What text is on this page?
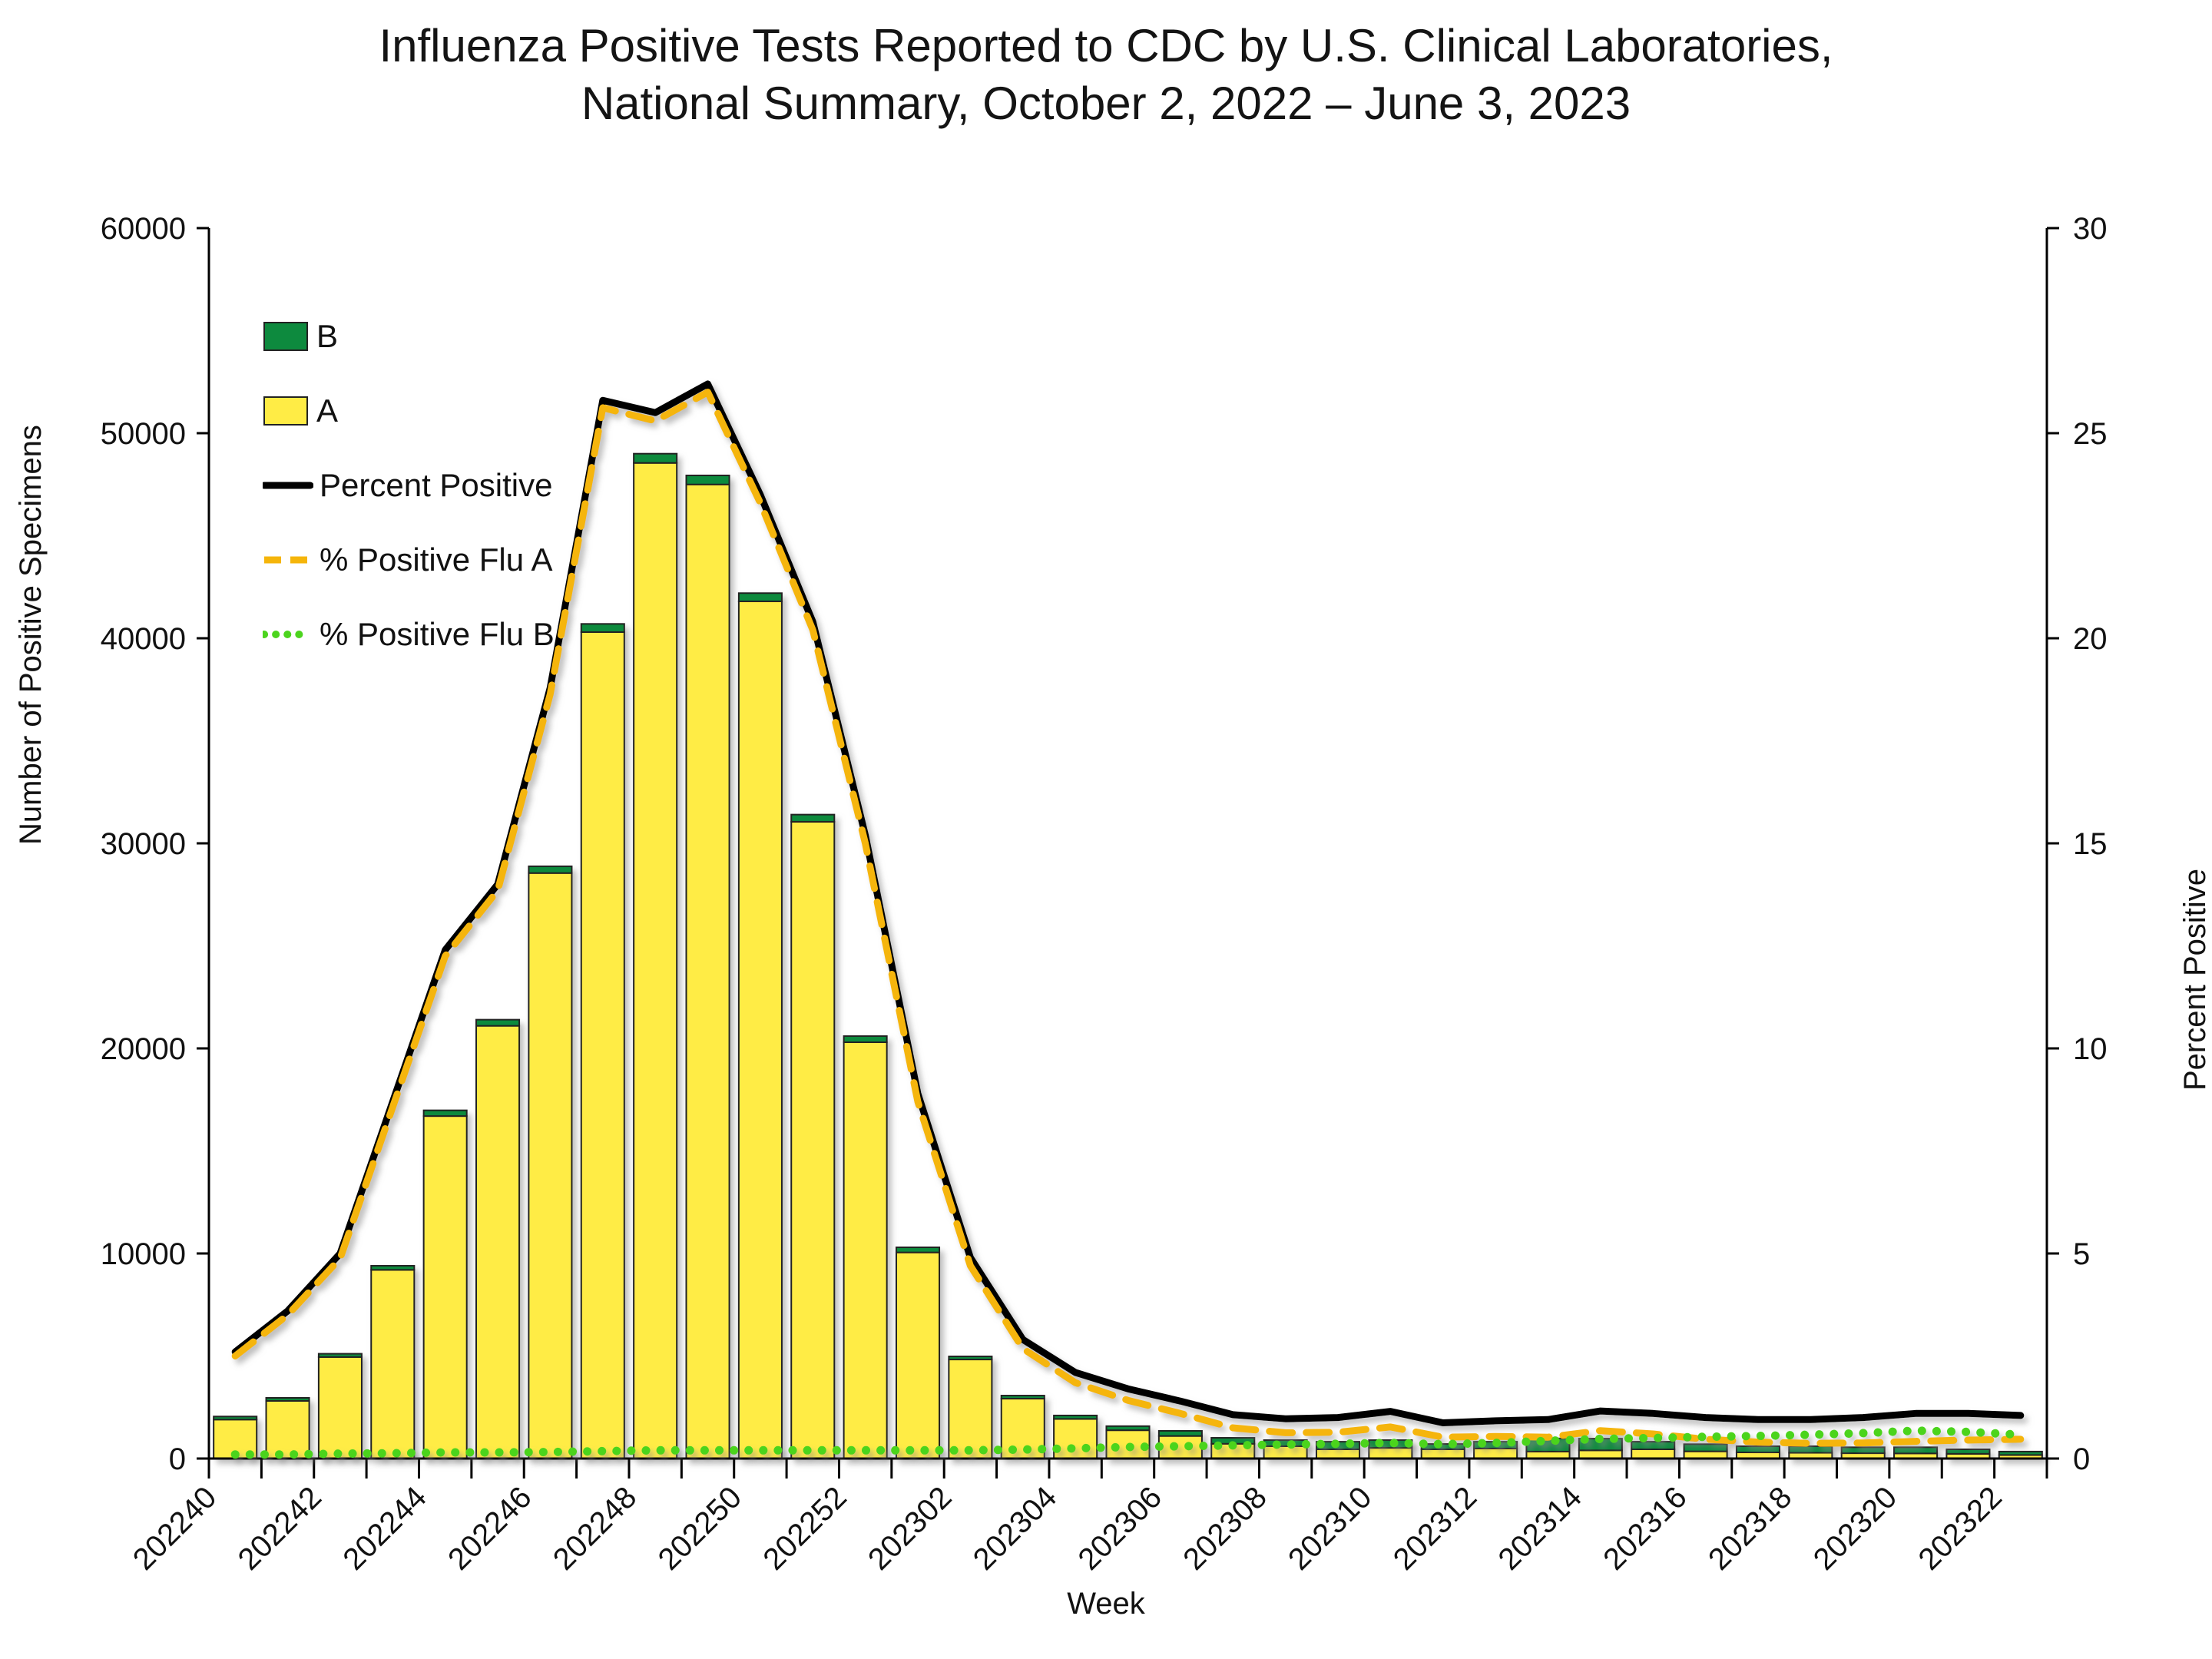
Influenza Positive Tests Reported to CDC by U.S. Clinical Laboratories,
National Summary, October 2, 2022 – June 3, 2023
0
10000
20000
30000
40000
50000
60000
0
5
10
15
20
25
30
202240 202242 202244 202246 202248 202250 202252 202302 202304 202306 202308 202310 202312 202314 202316 202318 202320 202322
B
A
Percent Positive
% Positive Flu A
% Positive Flu B
Number of Positive Specimens
Percent Positive
Week
